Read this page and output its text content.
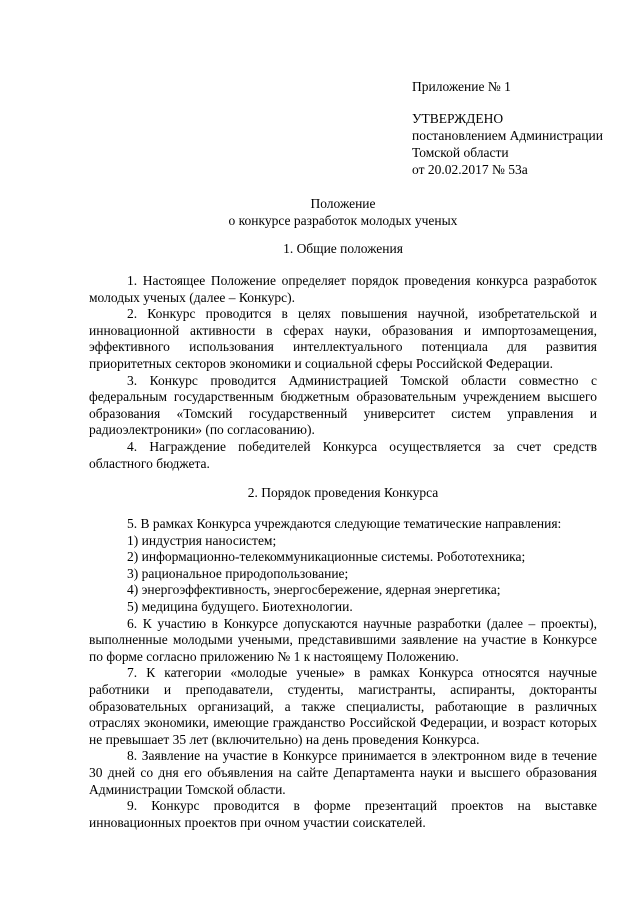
Приложение № 1
УТВЕРЖДЕНО
постановлением Администрации
Томской области
от 20.02.2017 № 53а
Положение
о конкурсе разработок молодых ученых
1. Общие положения

1. Настоящее Положение определяет порядок проведения конкурса разработок молодых ученых (далее – Конкурс).

2. Конкурс проводится в целях повышения научной, изобретательской и инновационной активности в сферах науки, образования и импортозамещения, эффективного использования интеллектуального потенциала для развития приоритетных секторов экономики и социальной сферы Российской Федерации.

3. Конкурс проводится Администрацией Томской области совместно с федеральным государственным бюджетным образовательным учреждением высшего образования «Томский государственный университет систем управления и радиоэлектроники» (по согласованию).

4. Награждение победителей Конкурса осуществляется за счет средств областного бюджета.

2. Порядок проведения Конкурса

5. В рамках Конкурса учреждаются следующие тематические направления:

1) индустрия наносистем;

2) информационно-телекоммуникационные системы. Робототехника;

3) рациональное природопользование;

4) энергоэффективность, энергосбережение, ядерная энергетика;

5) медицина будущего. Биотехнологии.

6. К участию в Конкурсе допускаются научные разработки (далее – проекты), выполненные молодыми учеными, представившими заявление на участие в Конкурсе по форме согласно приложению № 1 к настоящему Положению.

7. К категории «молодые ученые» в рамках Конкурса относятся научные работники и преподаватели, студенты, магистранты, аспиранты, докторанты образовательных организаций, а также специалисты, работающие в различных отраслях экономики, имеющие гражданство Российской Федерации, и возраст которых не превышает 35 лет (включительно) на день проведения Конкурса.

8. Заявление на участие в Конкурсе принимается в электронном виде в течение 30 дней со дня его объявления на сайте Департамента науки и высшего образования Администрации Томской области.

9. Конкурс проводится в форме презентаций проектов на выставке инновационных проектов при очном участии соискателей.
